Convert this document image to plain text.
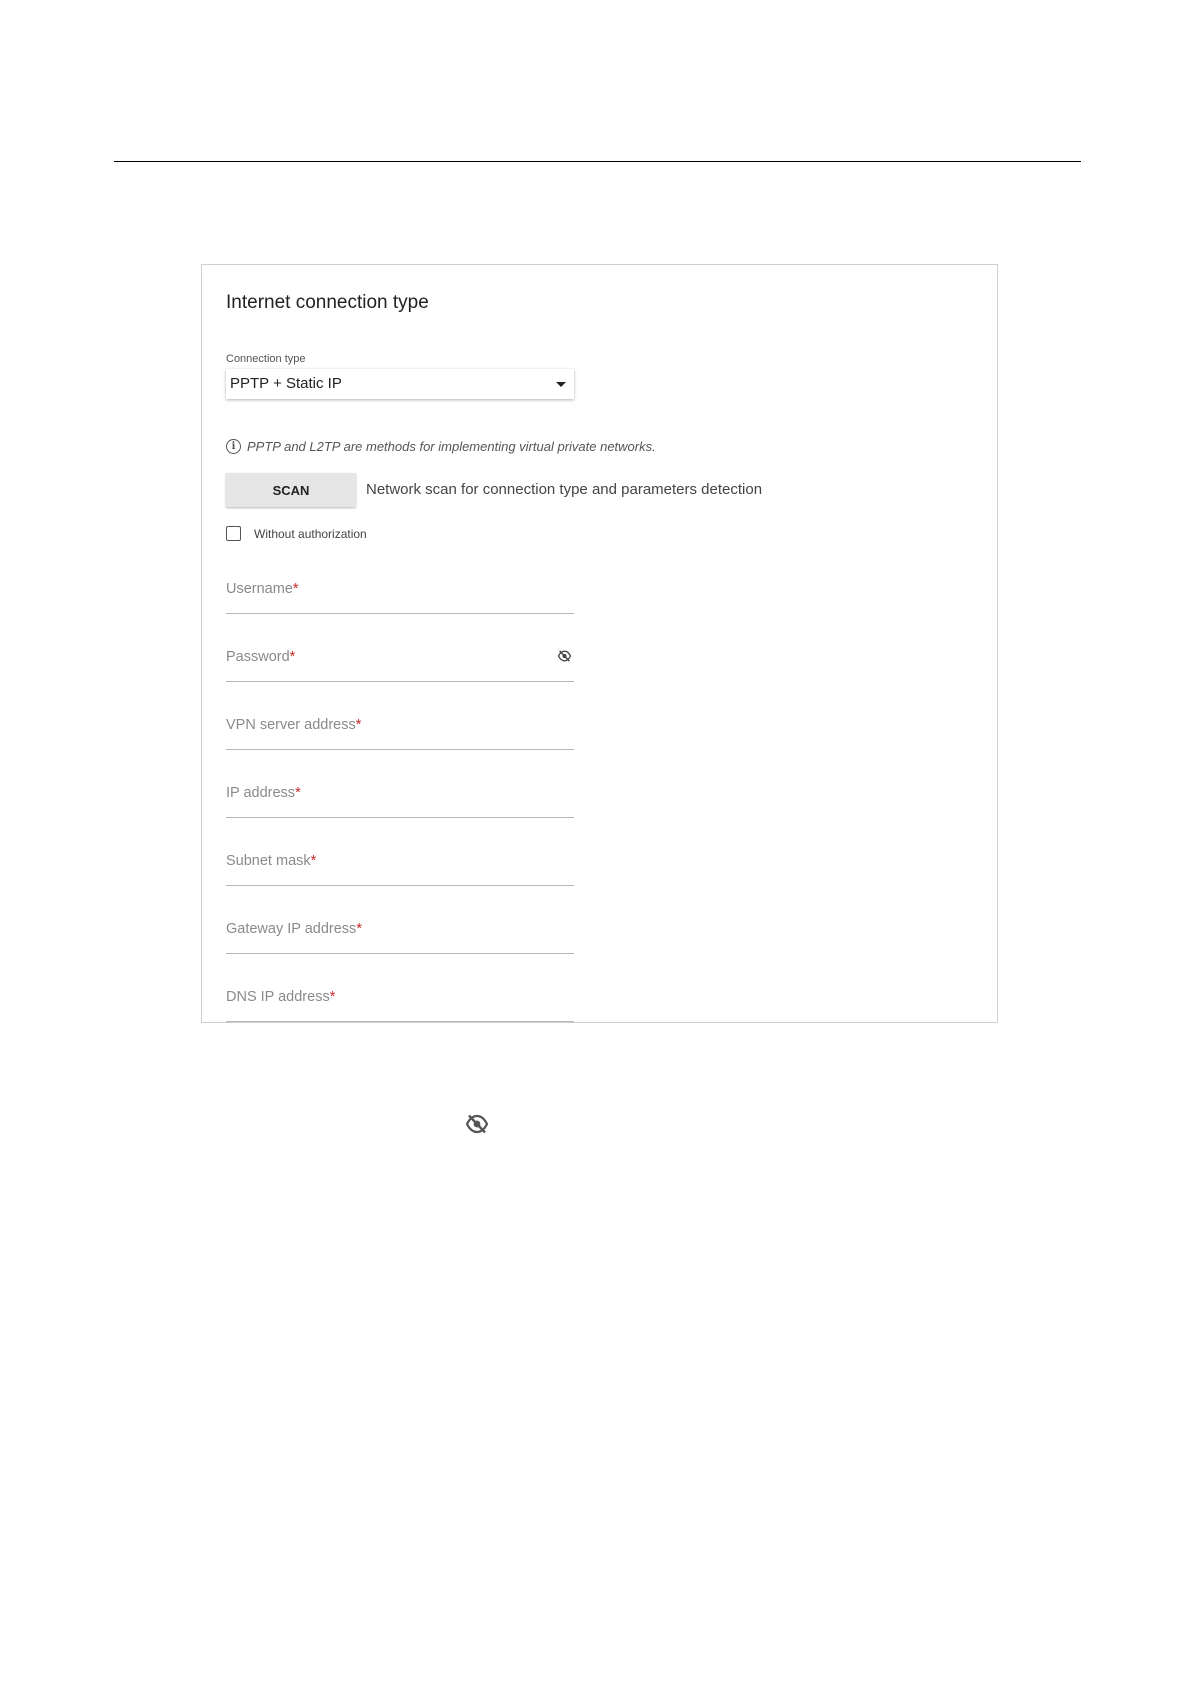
Internet connection type
Connection type
PPTP + Static IP
i PPTP and L2TP are methods for implementing virtual private networks.
SCAN	Network scan for connection type and parameters detection
Without authorization
Username*
Password*
VPN server address*
IP address*
Subnet mask*
Gateway IP address*
DNS IP address*
